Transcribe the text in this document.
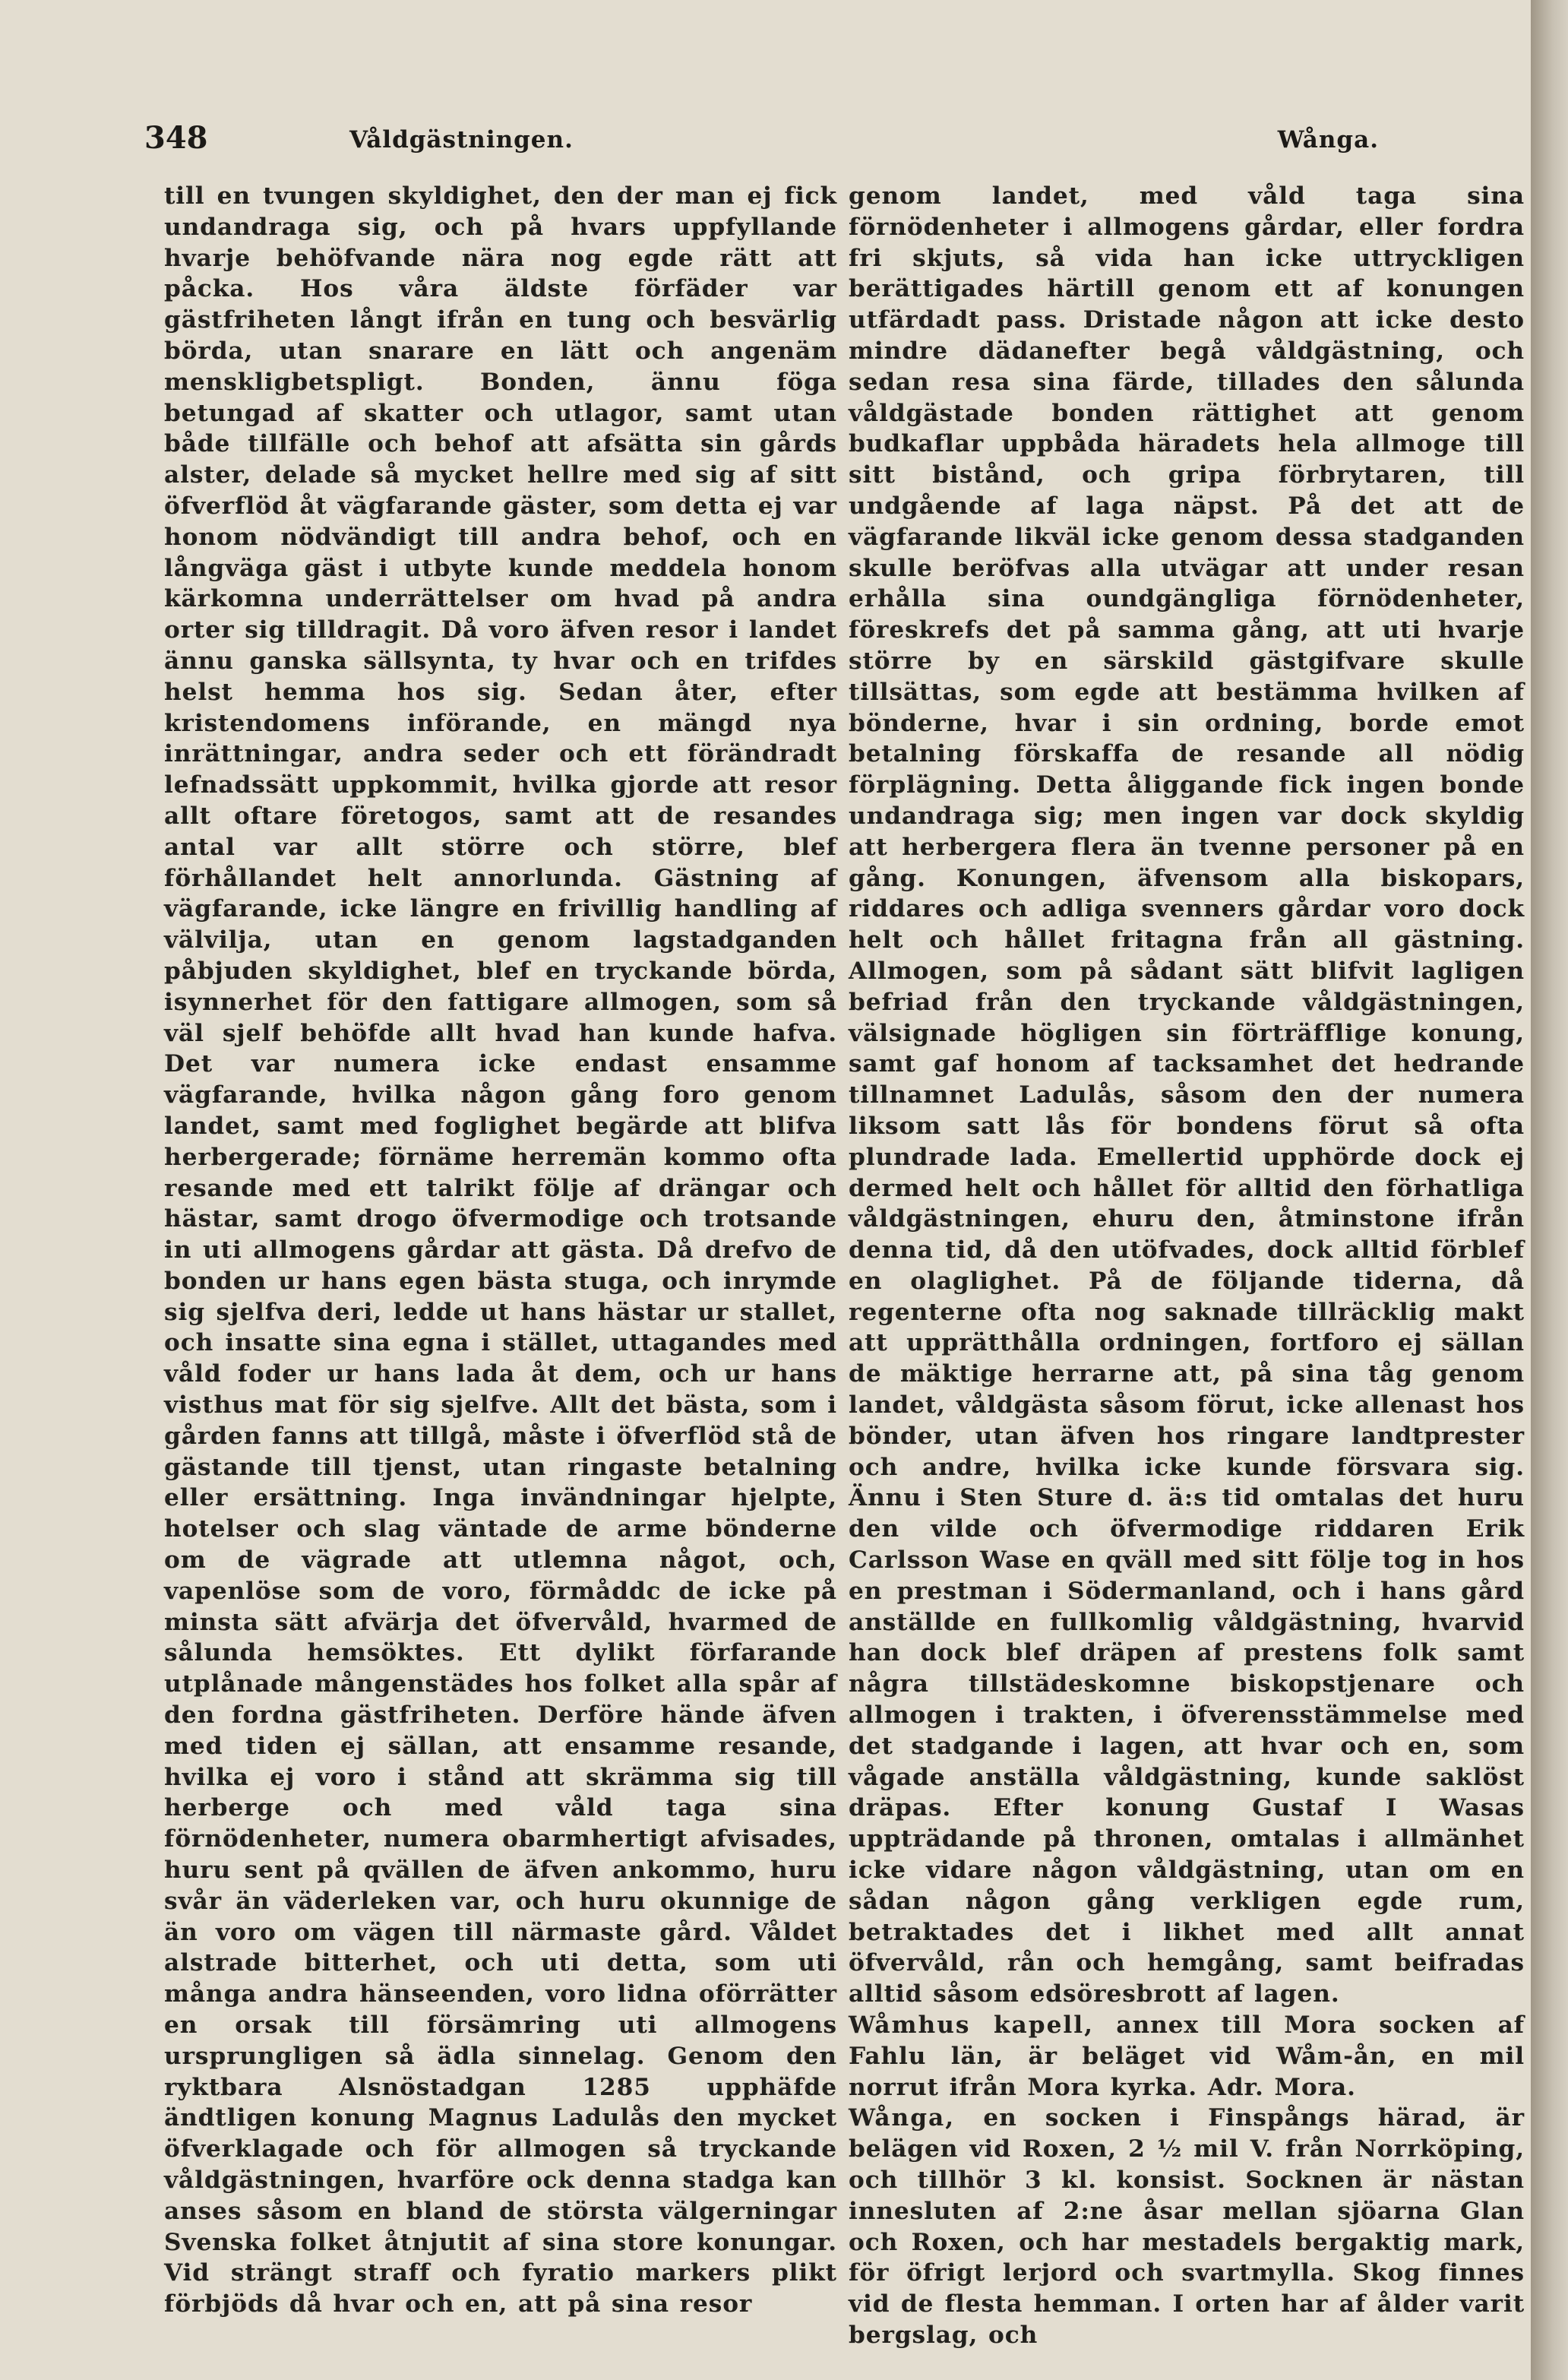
348	Våldgästningen.	Wånga.

till en tvungen skyldighet, den der man ej fick undandraga sig, och på hvars uppfyllande hvarje behöfvande nära nog egde rätt att påcka. Hos våra äldste förfäder var gästfriheten långt ifrån en tung och besvärlig börda, utan snarare en lätt och angenäm menskligbetspligt. Bonden, ännu föga betungad af skatter och utlagor, samt utan både tillfälle och behof att afsätta sin gårds alster, delade så mycket hellre med sig af sitt öfverflöd åt vägfarande gäster, som detta ej var honom nödvändigt till andra behof, och en långväga gäst i utbyte kunde meddela honom kärkomna underrättelser om hvad på andra orter sig tilldragit. Då voro äfven resor i landet ännu ganska sällsynta, ty hvar och en trifdes helst hemma hos sig. Sedan åter, efter kristendomens införande, en mängd nya inrättningar, andra seder och ett förändradt lefnadssätt uppkommit, hvilka gjorde att resor allt oftare företogos, samt att de resandes antal var allt större och större, blef förhållandet helt annorlunda. Gästning af vägfarande, icke längre en frivillig handling af välvilja, utan en genom lagstadganden påbjuden skyldighet, blef en tryckande börda, isynnerhet för den fattigare allmogen, som så väl sjelf behöfde allt hvad han kunde hafva. Det var numera icke endast ensamme vägfarande, hvilka någon gång foro genom landet, samt med foglighet begärde att blifva herbergerade; förnäme herremän kommo ofta resande med ett talrikt följe af drängar och hästar, samt drogo öfvermodige och trotsande in uti allmogens gårdar att gästa. Då drefvo de bonden ur hans egen bästa stuga, och inrymde sig sjelfva deri, ledde ut hans hästar ur stallet, och insatte sina egna i stället, uttagandes med våld foder ur hans lada åt dem, och ur hans visthus mat för sig sjelfve. Allt det bästa, som i gården fanns att tillgå, måste i öfverflöd stå de gästande till tjenst, utan ringaste betalning eller ersättning. Inga invändningar hjelpte, hotelser och slag väntade de arme bönderne om de vägrade att utlemna något, och, vapenlöse som de voro, förmåddc de icke på minsta sätt afvärja det öfvervåld, hvarmed de sålunda hemsöktes. Ett dylikt förfarande utplånade mångenstädes hos folket alla spår af den fordna gästfriheten. Derföre hände äfven med tiden ej sällan, att ensamme resande, hvilka ej voro i stånd att skrämma sig till herberge och med våld taga sina förnödenheter, numera obarmhertigt afvisades, huru sent på qvällen de äfven ankommo, huru svår än väderleken var, och huru okunnige de än voro om vägen till närmaste gård. Våldet alstrade bitterhet, och uti detta, som uti många andra hänseenden, voro lidna oförrätter en orsak till försämring uti allmogens ursprungligen så ädla sinnelag. Genom den ryktbara Alsnöstadgan 1285 upphäfde ändtligen konung Magnus Ladulås den mycket öfverklagade och för allmogen så tryckande våldgästningen, hvarföre ock denna stadga kan anses såsom en bland de största välgerningar Svenska folket åtnjutit af sina store konungar. Vid strängt straff och fyratio markers plikt förbjöds då hvar och en, att på sina resor

genom landet, med våld taga sina förnödenheter i allmogens gårdar, eller fordra fri skjuts, så vida han icke uttryckligen berättigades härtill genom ett af konungen utfärdadt pass. Dristade någon att icke desto mindre dädanefter begå våldgästning, och sedan resa sina färde, tillades den sålunda våldgästade bonden rättighet att genom budkaflar uppbåda häradets hela allmoge till sitt bistånd, och gripa förbrytaren, till undgående af laga näpst. På det att de vägfarande likväl icke genom dessa stadganden skulle beröfvas alla utvägar att under resan erhålla sina oundgängliga förnödenheter, föreskrefs det på samma gång, att uti hvarje större by en särskild gästgifvare skulle tillsättas, som egde att bestämma hvilken af bönderne, hvar i sin ordning, borde emot betalning förskaffa de resande all nödig förplägning. Detta åliggande fick ingen bonde undandraga sig; men ingen var dock skyldig att herbergera flera än tvenne personer på en gång. Konungen, äfvensom alla biskopars, riddares och adliga svenners gårdar voro dock helt och hållet fritagna från all gästning. Allmogen, som på sådant sätt blifvit lagligen befriad från den tryckande våldgästningen, välsignade högligen sin förträfflige konung, samt gaf honom af tacksamhet det hedrande tillnamnet Ladulås, såsom den der numera liksom satt lås för bondens förut så ofta plundrade lada. Emellertid upphörde dock ej dermed helt och hållet för alltid den förhatliga våldgästningen, ehuru den, åtminstone ifrån denna tid, då den utöfvades, dock alltid förblef en olaglighet. På de följande tiderna, då regenterne ofta nog saknade tillräcklig makt att upprätthålla ordningen, fortforo ej sällan de mäktige herrarne att, på sina tåg genom landet, våldgästa såsom förut, icke allenast hos bönder, utan äfven hos ringare landtprester och andre, hvilka icke kunde försvara sig. Ännu i Sten Sture d. ä:s tid omtalas det huru den vilde och öfvermodige riddaren Erik Carlsson Wase en qväll med sitt följe tog in hos en prestman i Södermanland, och i hans gård anställde en fullkomlig våldgästning, hvarvid han dock blef dräpen af prestens folk samt några tillstädeskomne biskopstjenare och allmogen i trakten, i öfverensstämmelse med det stadgande i lagen, att hvar och en, som vågade anställa våldgästning, kunde saklöst dräpas. Efter konung Gustaf I Wasas uppträdande på thronen, omtalas i allmänhet icke vidare någon våldgästning, utan om en sådan någon gång verkligen egde rum, betraktades det i likhet med allt annat öfvervåld, rån och hemgång, samt beifradas alltid såsom edsöresbrott af lagen.

Wåmhus kapell, annex till Mora socken af Fahlu län, är beläget vid Wåm-ån, en mil norrut ifrån Mora kyrka. Adr. Mora.

Wånga, en socken i Finspångs härad, är belägen vid Roxen, 2 ½ mil V. från Norrköping, och tillhör 3 kl. konsist. Socknen är nästan innesluten af 2:ne åsar mellan sjöarna Glan och Roxen, och har mestadels bergaktig mark, för öfrigt lerjord och svartmylla. Skog finnes vid de flesta hemman. I orten har af ålder varit bergslag, och
